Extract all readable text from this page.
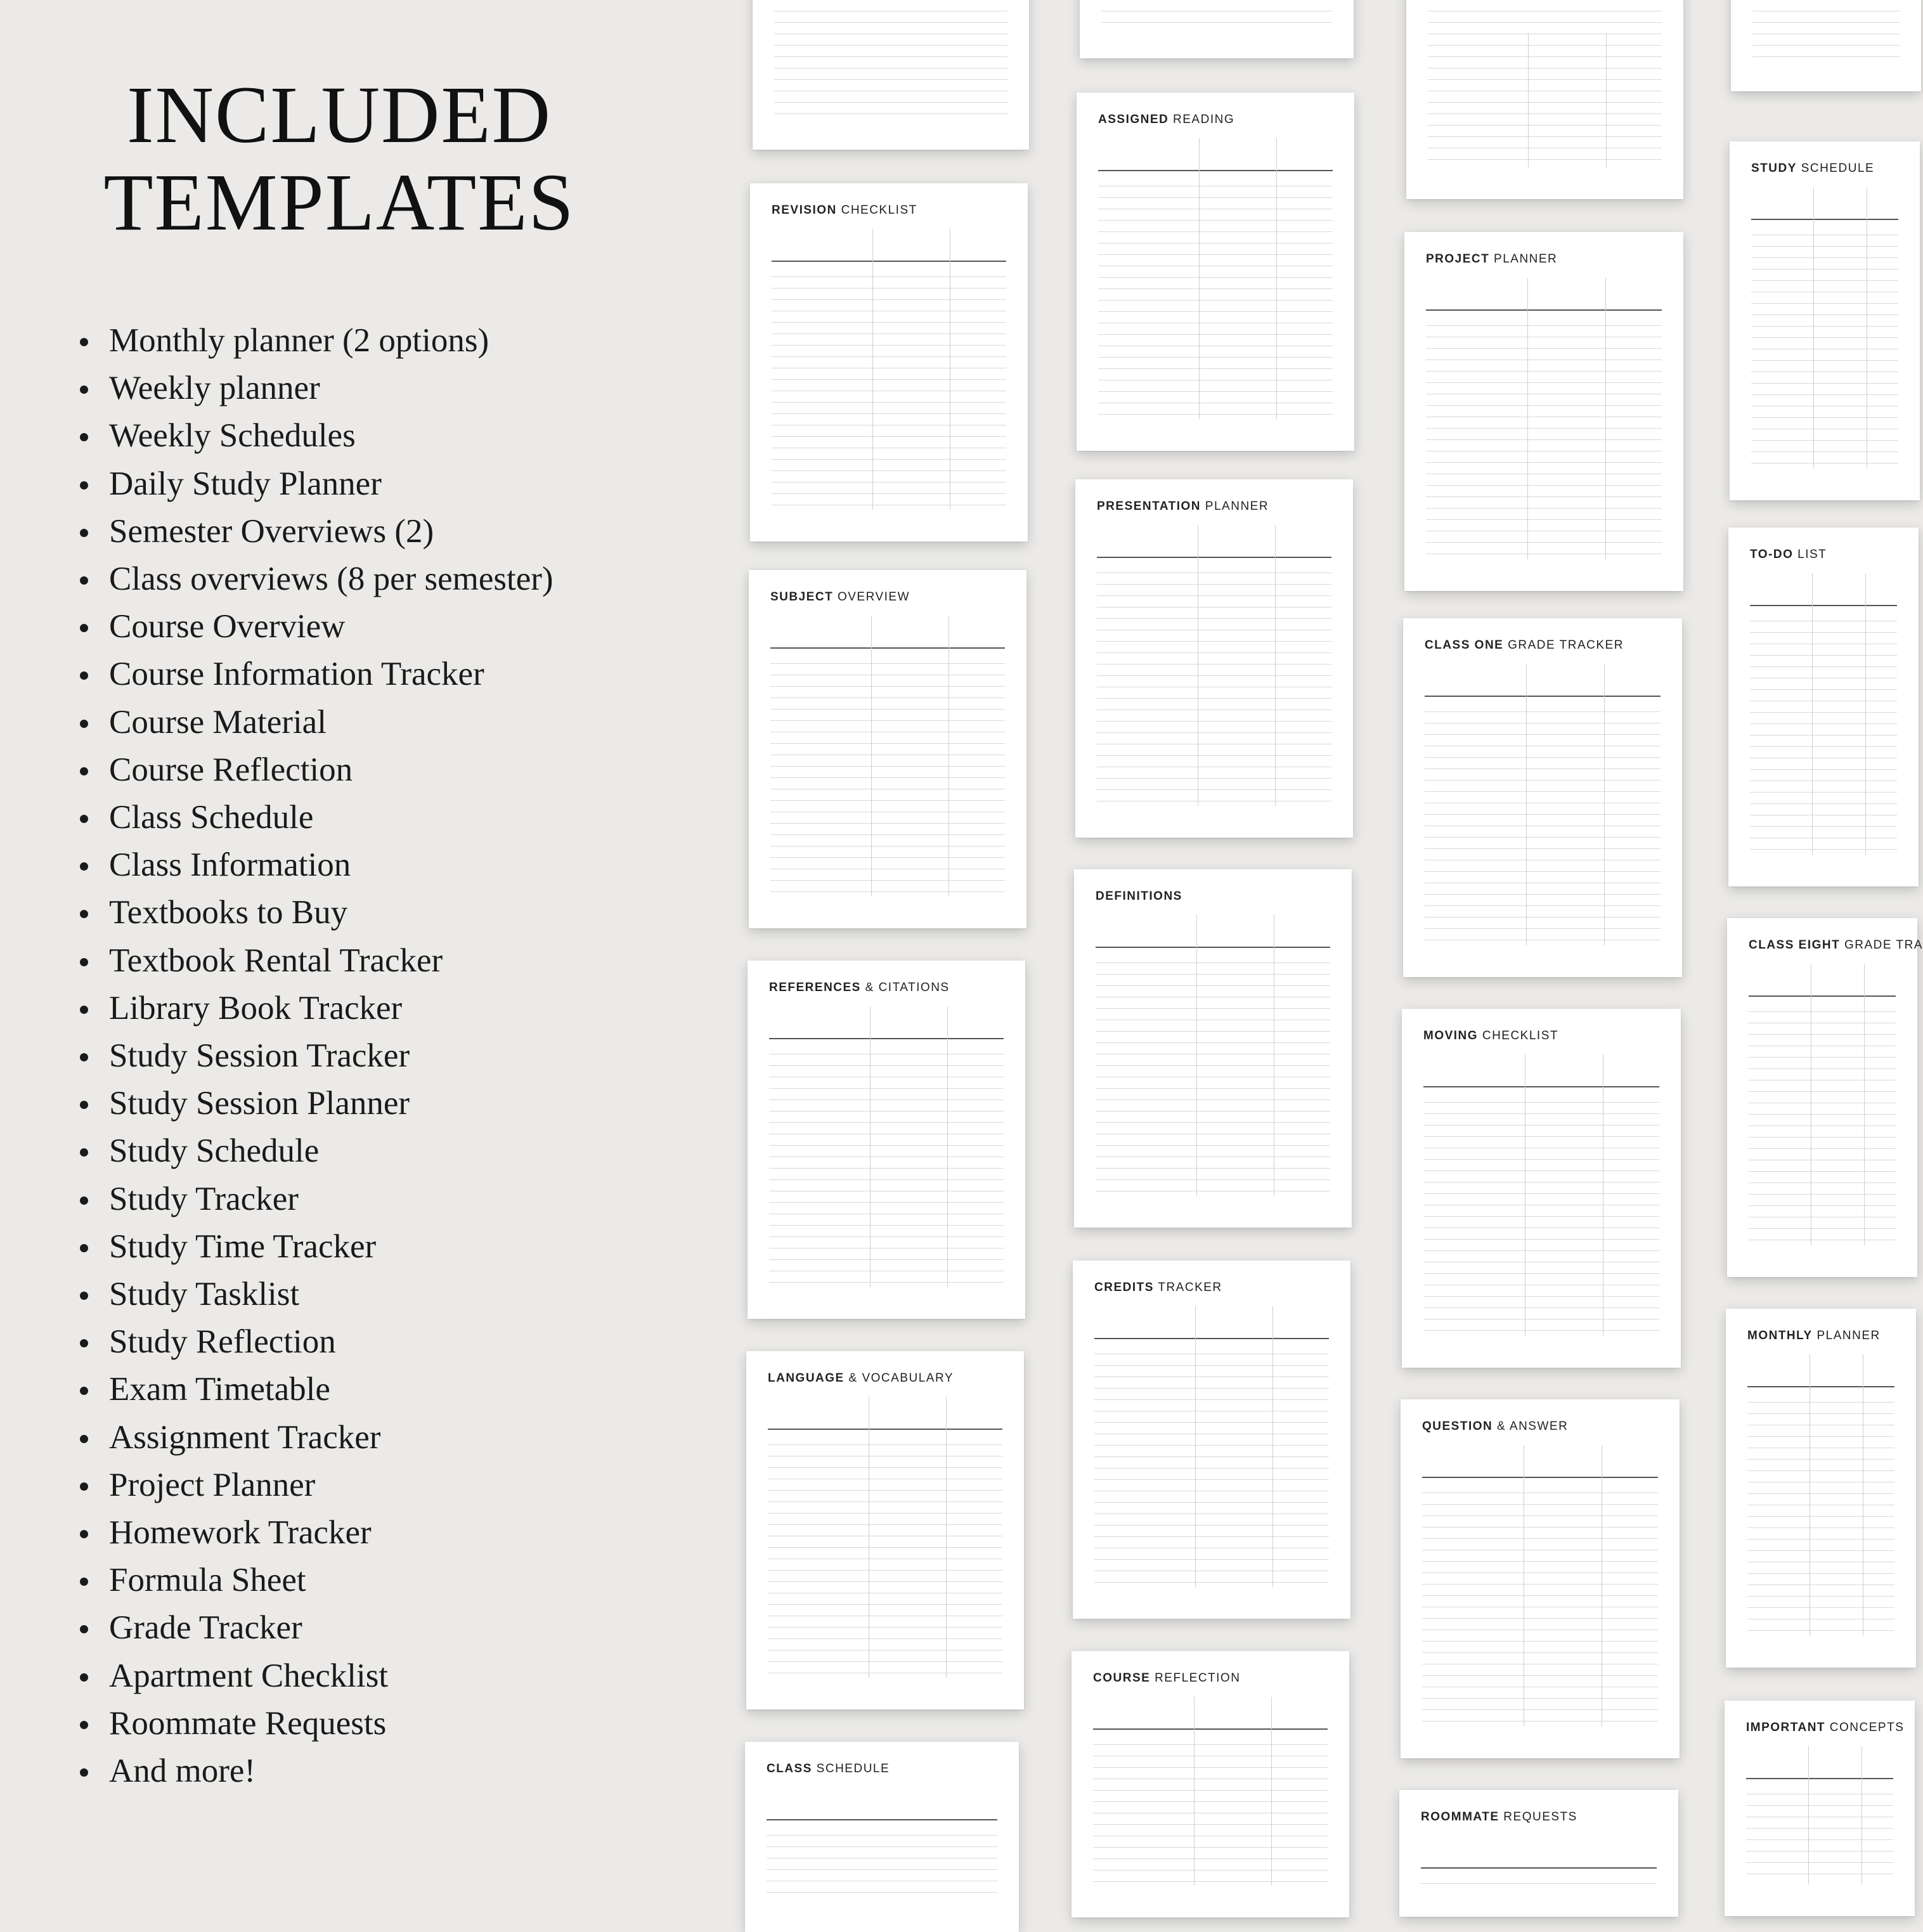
INCLUDED
TEMPLATES
Monthly planner (2 options)
Weekly planner
Weekly Schedules
Daily Study Planner
Semester Overviews (2)
Class overviews (8 per semester)
Course Overview
Course Information Tracker
Course Material
Course Reflection
Class Schedule
Class Information
Textbooks to Buy
Textbook Rental Tracker
Library Book Tracker
Study Session Tracker
Study Session Planner
Study Schedule
Study Tracker
Study Time Tracker
Study Tasklist
Study Reflection
Exam Timetable
Assignment Tracker
Project Planner
Homework Tracker
Formula Sheet
Grade Tracker
Apartment Checklist
Roommate Requests
And more!
REVISION CHECKLIST
SUBJECT OVERVIEW
REFERENCES & CITATIONS
LANGUAGE & VOCABULARY
CLASS SCHEDULE
ASSIGNED READING
PRESENTATION PLANNER
DEFINITIONS
CREDITS TRACKER
COURSE REFLECTION
PROJECT PLANNER
CLASS ONE GRADE TRACKER
MOVING CHECKLIST
QUESTION & ANSWER
ROOMMATE REQUESTS
STUDY SCHEDULE
TO-DO LIST
CLASS EIGHT GRADE TRA
MONTHLY PLANNER
IMPORTANT CONCEPTS
